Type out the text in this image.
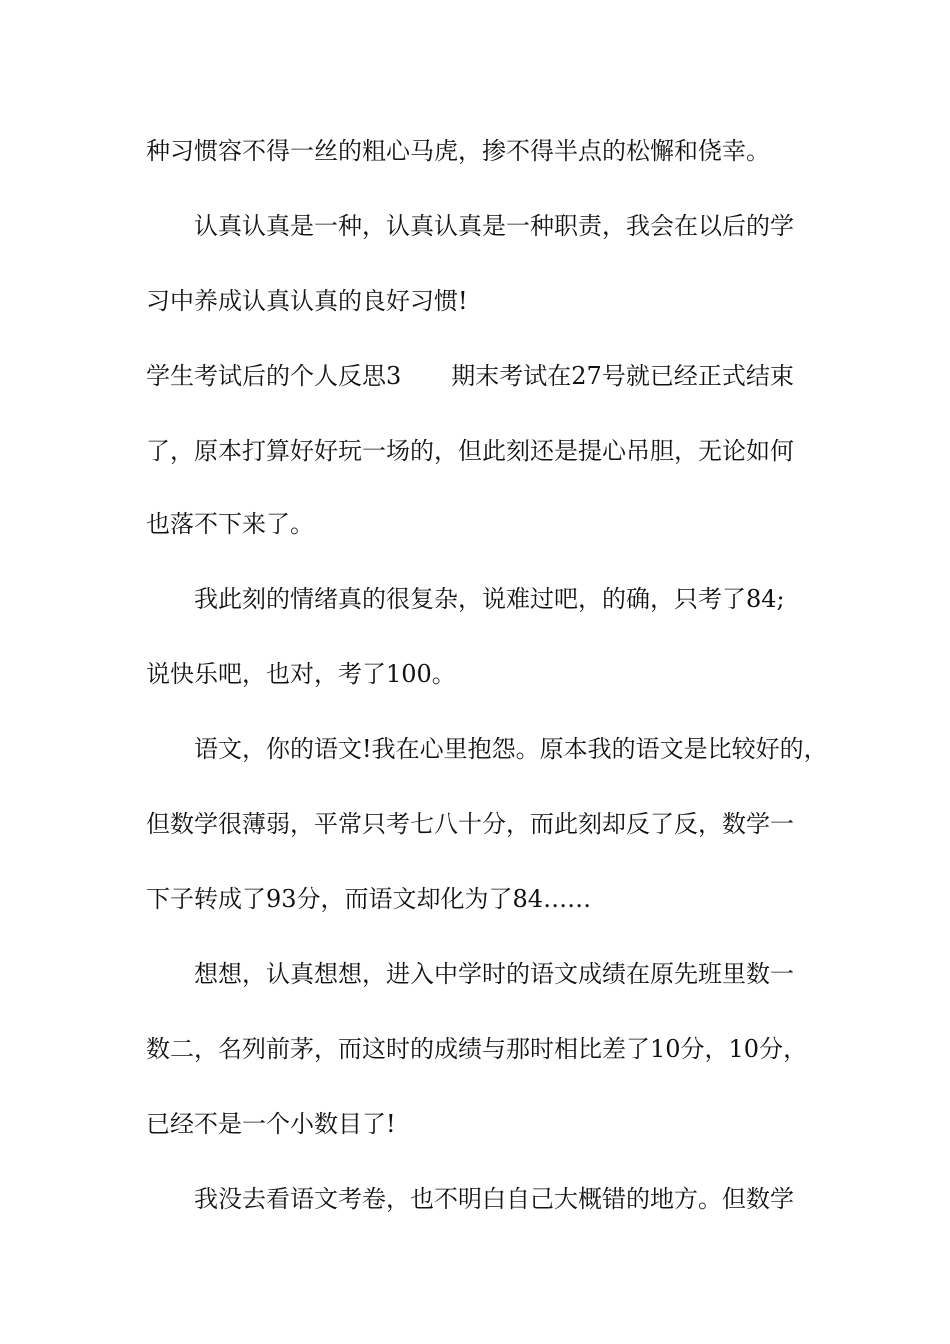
种习惯容不得一丝的粗心马虎，掺不得半点的松懈和侥幸。
认真认真是一种，认真认真是一种职责，我会在以后的学
习中养成认真认真的良好习惯!
学生考试后的个人反思3 期末考试在27号就已经正式结束
了，原本打算好好玩一场的，但此刻还是提心吊胆，无论如何
也落不下来了。
我此刻的情绪真的很复杂，说难过吧，的确，只考了84;
说快乐吧，也对，考了100。
语文，你的语文!我在心里抱怨。原本我的语文是比较好的，
但数学很薄弱，平常只考七八十分，而此刻却反了反，数学一
下子转成了93分，而语文却化为了84……
想想，认真想想，进入中学时的语文成绩在原先班里数一
数二，名列前茅，而这时的成绩与那时相比差了10分，10分，
已经不是一个小数目了!
我没去看语文考卷，也不明白自己大概错的地方。但数学
